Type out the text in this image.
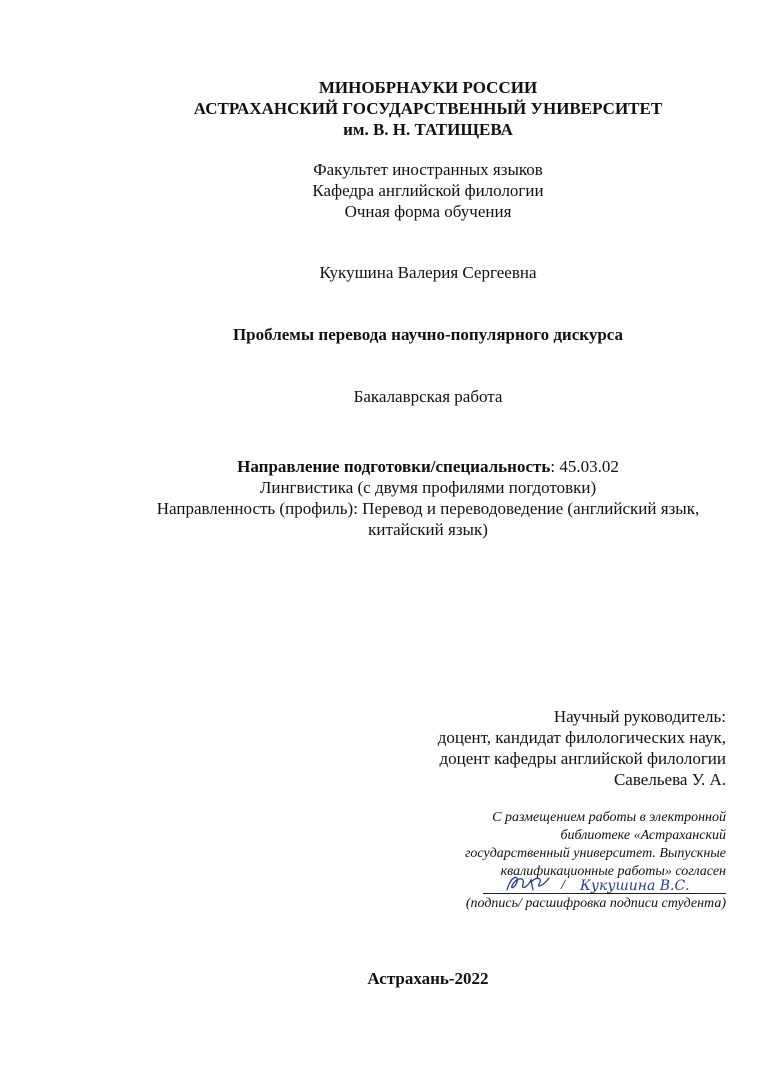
МИНОБРНАУКИ РОССИИ
АСТРАХАНСКИЙ ГОСУДАРСТВЕННЫЙ УНИВЕРСИТЕТ
им. В. Н. ТАТИЩЕВА
Факультет иностранных языков
Кафедра английской филологии
Очная форма обучения
Кукушина Валерия Сергеевна
Проблемы перевода научно-популярного дискурса
Бакалаврская работа
Направление подготовки/специальность: 45.03.02
Лингвистика (с двумя профилями погдотовки)
Направленность (профиль): Перевод и переводоведение (английский язык,
китайский язык)
Научный руководитель:
доцент, кандидат филологических наук,
доцент кафедры английской филологии
Савельева У. А.
С размещением работы в электронной
библиотеке «Астраханский
государственный университет. Выпускные
квалификационные работы» согласен
/ Кукушина В.С.
(подпись/ расшифровка подписи студента)
Астрахань-2022
